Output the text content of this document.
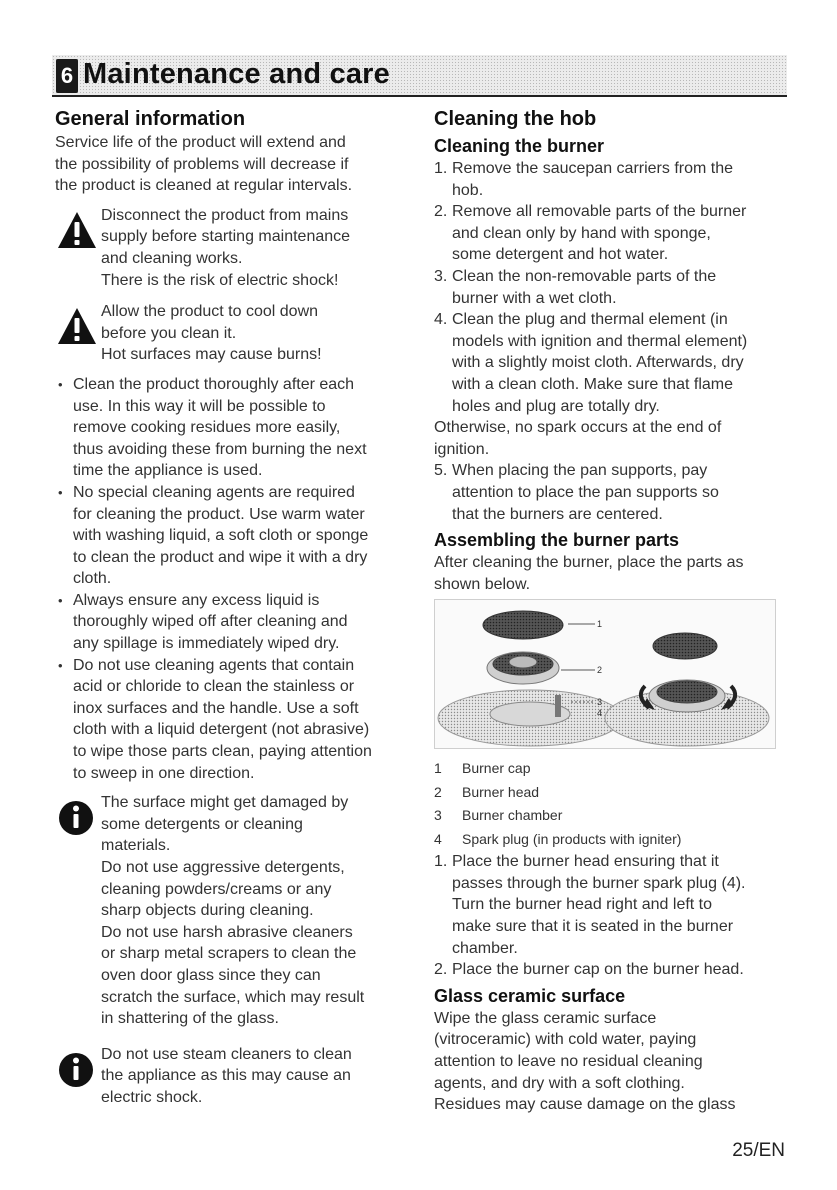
6 Maintenance and care
General information

Service life of the product will extend and
the possibility of problems will decrease if
the product is cleaned at regular intervals.

Disconnect the product from mains
supply before starting maintenance
and cleaning works.
There is the risk of electric shock!
Allow the product to cool down
before you clean it.
Hot surfaces may cause burns!
• Clean the product thoroughly after each
use. In this way it will be possible to
remove cooking residues more easily,
thus avoiding these from burning the next
time the appliance is used.
• No special cleaning agents are required
for cleaning the product. Use warm water
with washing liquid, a soft cloth or sponge
to clean the product and wipe it with a dry
cloth.
• Always ensure any excess liquid is
thoroughly wiped off after cleaning and
any spillage is immediately wiped dry.
• Do not use cleaning agents that contain
acid or chloride to clean the stainless or
inox surfaces and the handle. Use a soft
cloth with a liquid detergent (not abrasive)
to wipe those parts clean, paying attention
to sweep in one direction.
The surface might get damaged by
some detergents or cleaning
materials.
Do not use aggressive detergents,
cleaning powders/creams or any
sharp objects during cleaning.
Do not use harsh abrasive cleaners
or sharp metal scrapers to clean the
oven door glass since they can
scratch the surface, which may result
in shattering of the glass.
Do not use steam cleaners to clean
the appliance as this may cause an
electric shock.
Cleaning the hob
Cleaning the burner
1. Remove the saucepan carriers from the
hob.
2. Remove all removable parts of the burner
and clean only by hand with sponge,
some detergent and hot water.
3. Clean the non-removable parts of the
burner with a wet cloth.
4. Clean the plug and thermal element (in
models with ignition and thermal element)
with a slightly moist cloth. Afterwards, dry
with a clean cloth. Make sure that flame
holes and plug are totally dry.

Otherwise, no spark occurs at the end of
ignition.

5. When placing the pan supports, pay
attention to place the pan supports so
that the burners are centered.
Assembling the burner parts

After cleaning the burner, place the parts as
shown below.

1
2
3
4
1	Burner cap
2	Burner head
3	Burner chamber
4	Spark plug (in products with igniter)
1. Place the burner head ensuring that it
passes through the burner spark plug (4).
Turn the burner head right and left to
make sure that it is seated in the burner
chamber.
2. Place the burner cap on the burner head.
Glass ceramic surface

Wipe the glass ceramic surface
(vitroceramic) with cold water, paying
attention to leave no residual cleaning
agents, and dry with a soft clothing.
Residues may cause damage on the glass

25/EN
